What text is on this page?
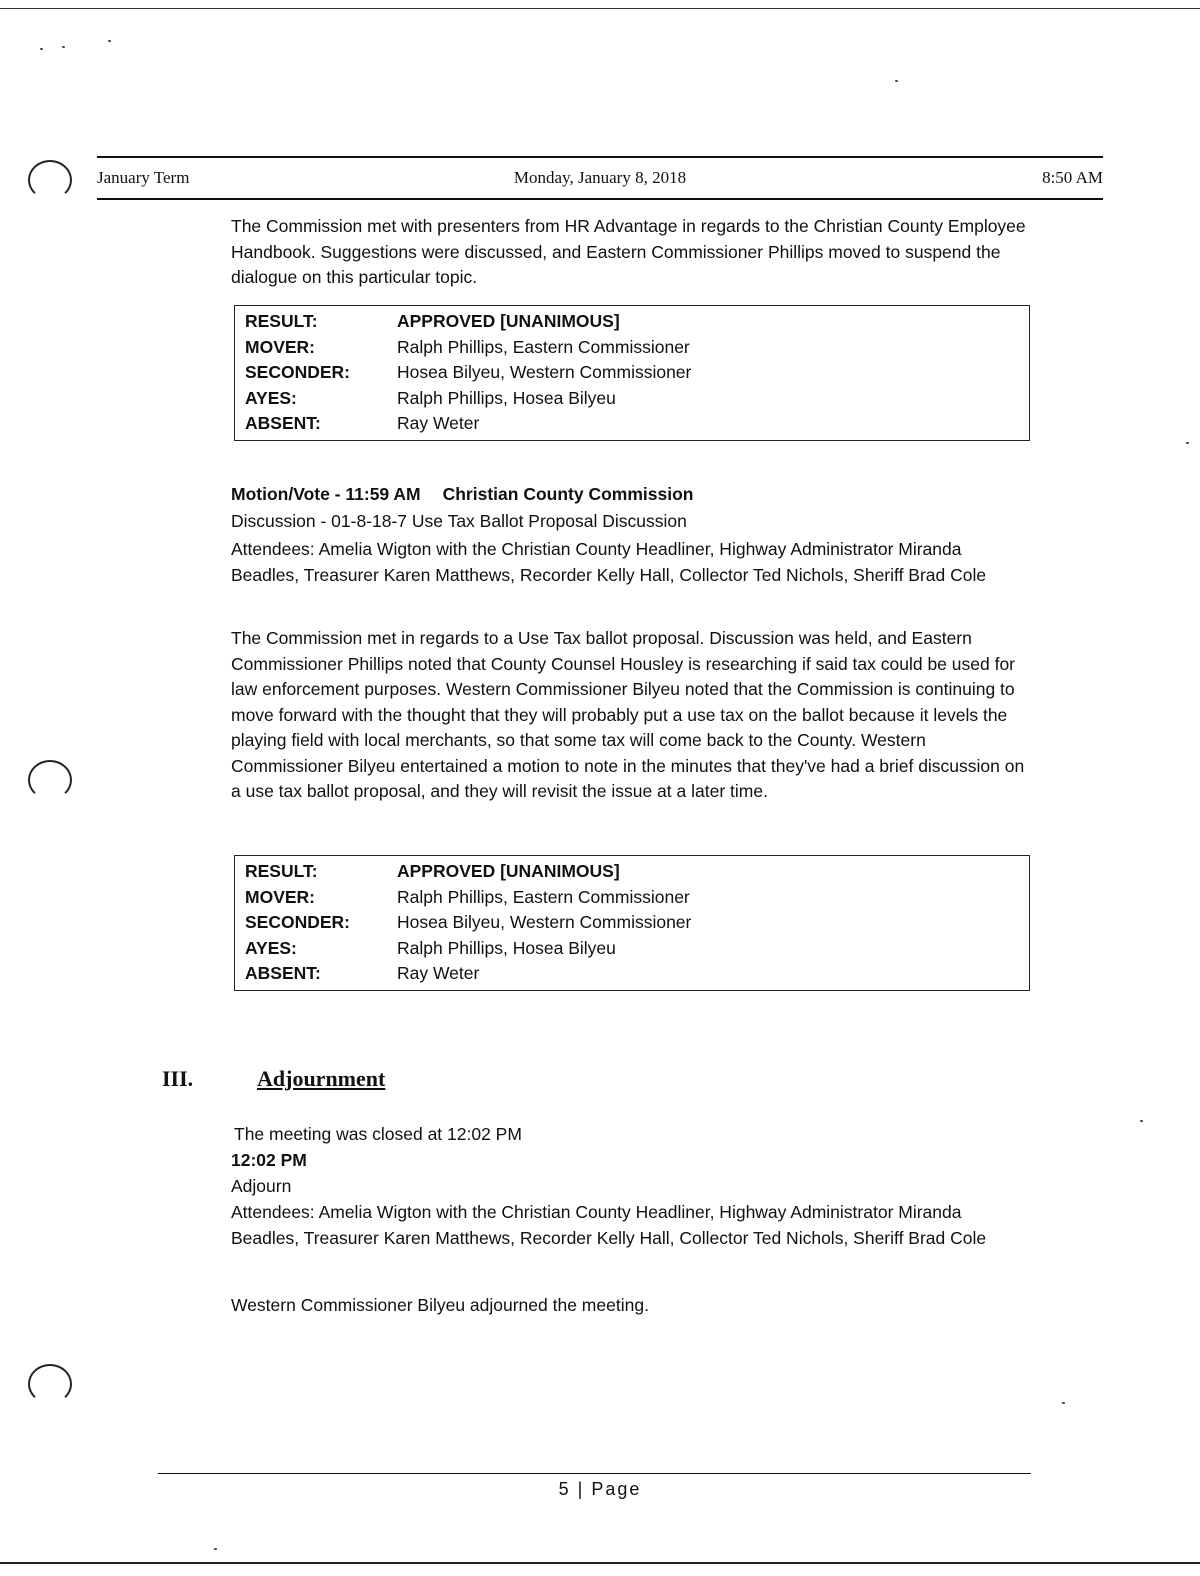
January Term	Monday, January 8, 2018	8:50 AM
The Commission met with presenters from HR Advantage in regards to the Christian County Employee Handbook. Suggestions were discussed, and Eastern Commissioner Phillips moved to suspend the dialogue on this particular topic.
RESULT:	APPROVED [UNANIMOUS]
MOVER:	Ralph Phillips, Eastern Commissioner
SECONDER:	Hosea Bilyeu, Western Commissioner
AYES:	Ralph Phillips, Hosea Bilyeu
ABSENT:	Ray Weter
Motion/Vote - 11:59 AM Christian County Commission
Discussion - 01-8-18-7 Use Tax Ballot Proposal Discussion
Attendees: Amelia Wigton with the Christian County Headliner, Highway Administrator Miranda Beadles, Treasurer Karen Matthews, Recorder Kelly Hall, Collector Ted Nichols, Sheriff Brad Cole
The Commission met in regards to a Use Tax ballot proposal. Discussion was held, and Eastern Commissioner Phillips noted that County Counsel Housley is researching if said tax could be used for law enforcement purposes. Western Commissioner Bilyeu noted that the Commission is continuing to move forward with the thought that they will probably put a use tax on the ballot because it levels the playing field with local merchants, so that some tax will come back to the County. Western Commissioner Bilyeu entertained a motion to note in the minutes that they've had a brief discussion on a use tax ballot proposal, and they will revisit the issue at a later time.
RESULT:	APPROVED [UNANIMOUS]
MOVER:	Ralph Phillips, Eastern Commissioner
SECONDER:	Hosea Bilyeu, Western Commissioner
AYES:	Ralph Phillips, Hosea Bilyeu
ABSENT:	Ray Weter
III.	Adjournment
The meeting was closed at 12:02 PM
12:02 PM
Adjourn
Attendees: Amelia Wigton with the Christian County Headliner, Highway Administrator Miranda Beadles, Treasurer Karen Matthews, Recorder Kelly Hall, Collector Ted Nichols, Sheriff Brad Cole
Western Commissioner Bilyeu adjourned the meeting.
5 | Page
